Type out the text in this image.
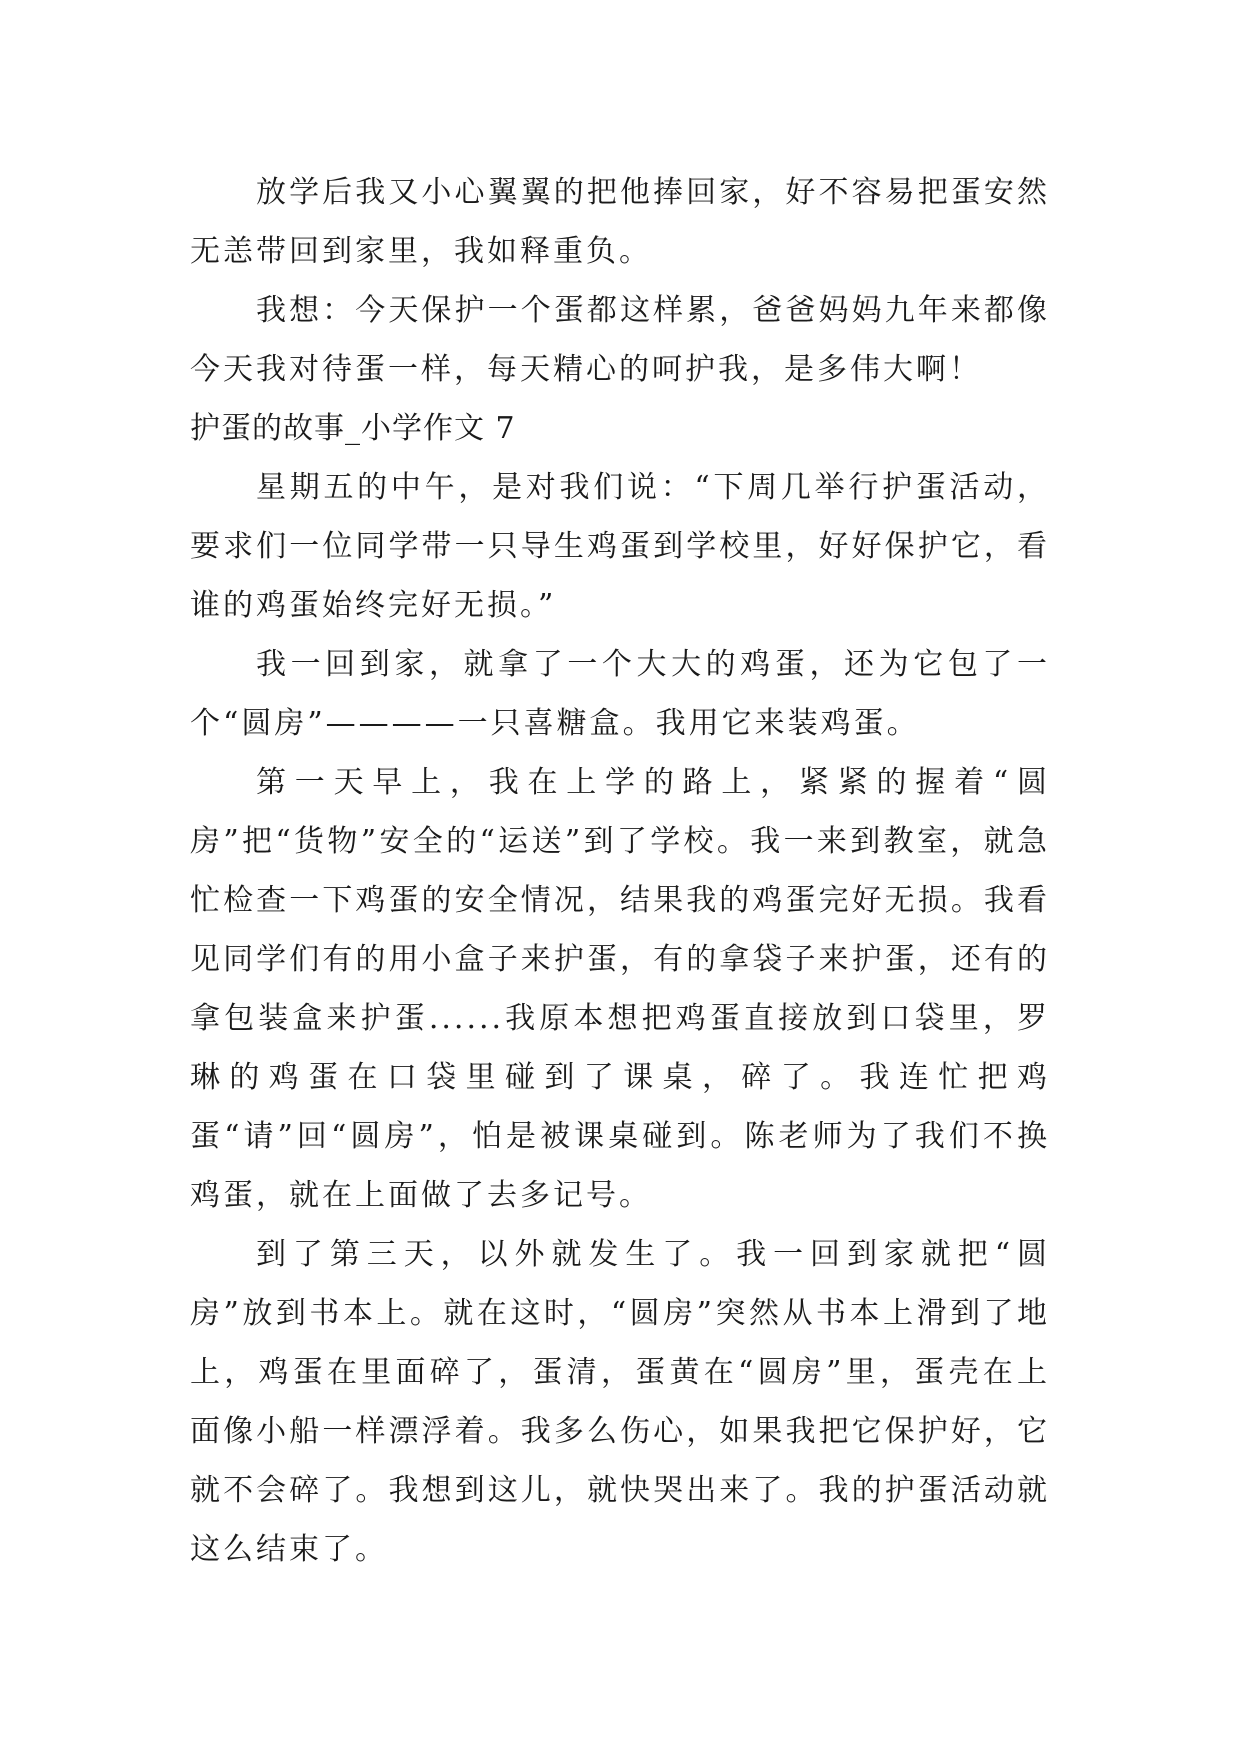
放学后我又小心翼翼的把他捧回家，好不容易把蛋安然无恙带回到家里，我如释重负。

我想：今天保护一个蛋都这样累，爸爸妈妈九年来都像今天我对待蛋一样，每天精心的呵护我，是多伟大啊！

护蛋的故事_小学作文 7

星期五的中午，是对我们说：“下周几举行护蛋活动，要求们一位同学带一只导生鸡蛋到学校里，好好保护它，看谁的鸡蛋始终完好无损。”

我一回到家，就拿了一个大大的鸡蛋，还为它包了一个“圆房”————一只喜糖盒。我用它来装鸡蛋。

第一天早上，我在上学的路上，紧紧的握着“圆房”把“货物”安全的“运送”到了学校。我一来到教室，就急忙检查一下鸡蛋的安全情况，结果我的鸡蛋完好无损。我看见同学们有的用小盒子来护蛋，有的拿袋子来护蛋，还有的拿包装盒来护蛋......我原本想把鸡蛋直接放到口袋里，罗琳的鸡蛋在口袋里碰到了课桌，碎了。我连忙把鸡蛋“请”回“圆房”，怕是被课桌碰到。陈老师为了我们不换鸡蛋，就在上面做了去多记号。

到了第三天，以外就发生了。我一回到家就把“圆房”放到书本上。就在这时，“圆房”突然从书本上滑到了地上，鸡蛋在里面碎了，蛋清，蛋黄在“圆房”里，蛋壳在上面像小船一样漂浮着。我多么伤心，如果我把它保护好，它就不会碎了。我想到这儿，就快哭出来了。我的护蛋活动就这么结束了。
